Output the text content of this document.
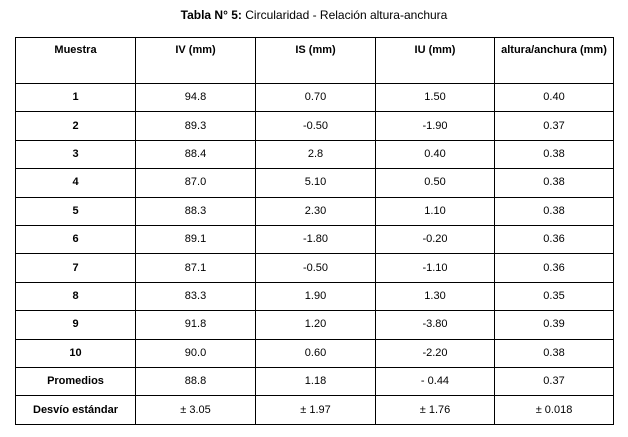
Tabla N° 5: Circularidad - Relación altura-anchura
Muestra	IV (mm)	IS (mm)	IU (mm)	altura/anchura (mm)
1	94.8	0.70	1.50	0.40
2	89.3	-0.50	-1.90	0.37
3	88.4	2.8	0.40	0.38
4	87.0	5.10	0.50	0.38
5	88.3	2.30	1.10	0.38
6	89.1	-1.80	-0.20	0.36
7	87.1	-0.50	-1.10	0.36
8	83.3	1.90	1.30	0.35
9	91.8	1.20	-3.80	0.39
10	90.0	0.60	-2.20	0.38
Promedios	88.8	1.18	- 0.44	0.37
Desvío estándar	± 3.05	± 1.97	± 1.76	± 0.018
